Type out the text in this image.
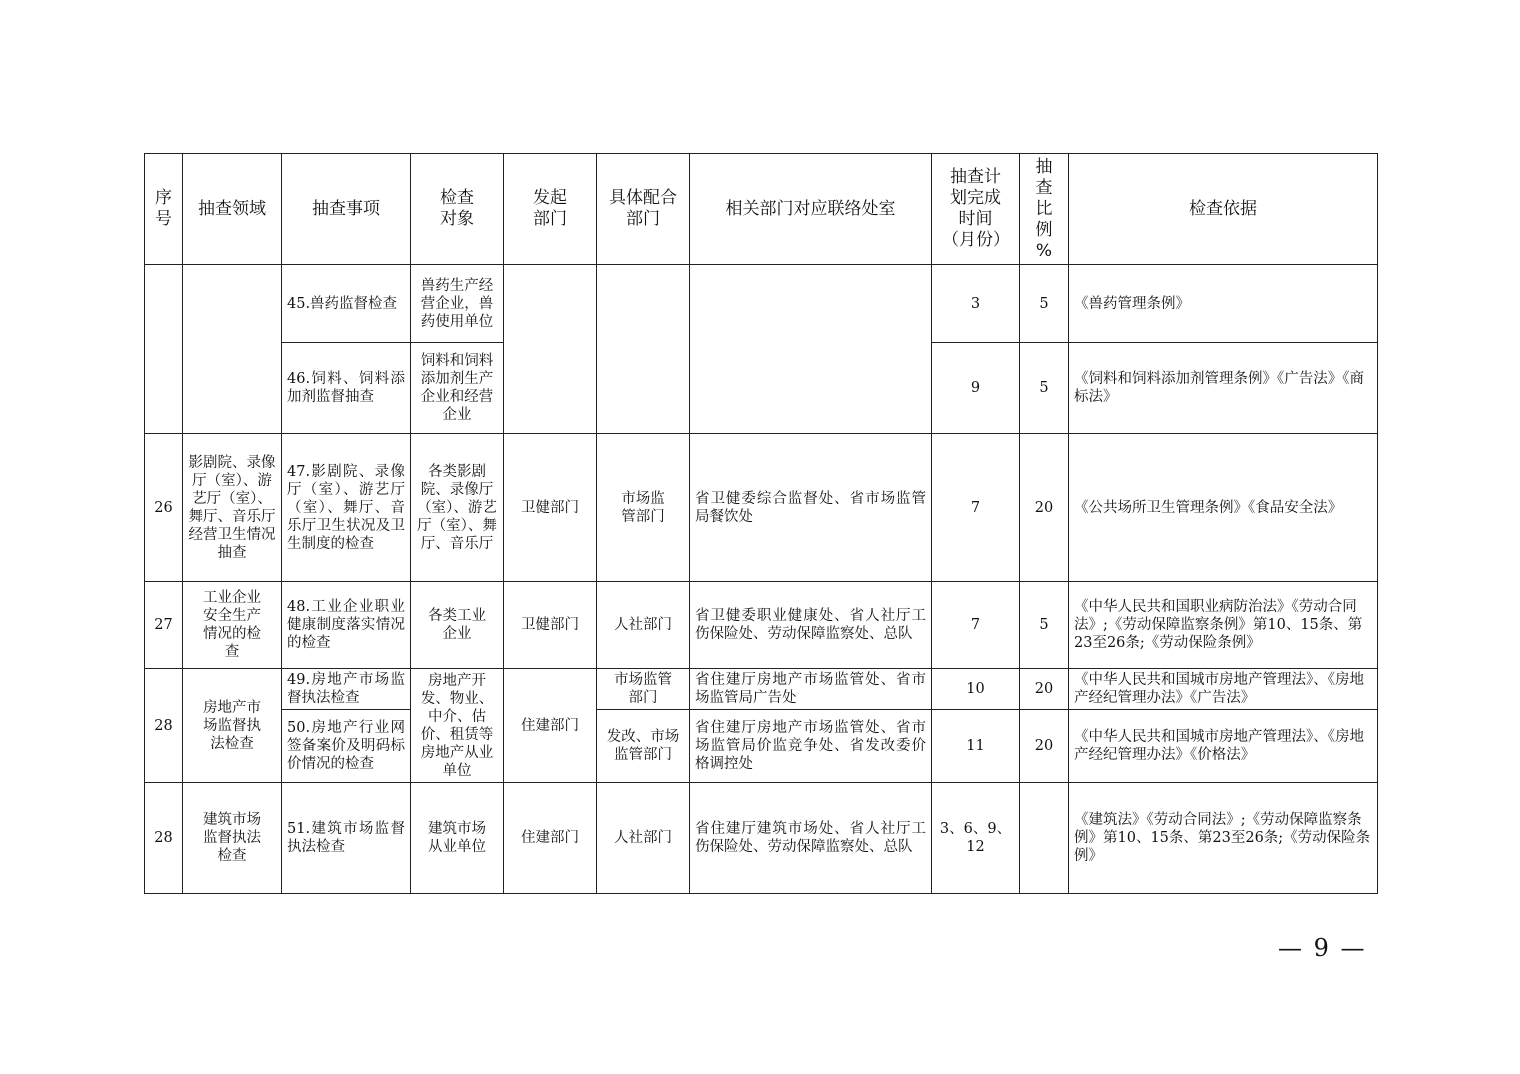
序号	抽查领域	抽查事项	检查对象	发起部门	具体配合部门	相关部门对应联络处室	抽查计划完成时间（月份）	抽查比例%	检查依据
		45.兽药监督检查	兽药生产经营企业，兽药使用单位				3	5	《兽药管理条例》
		46.饲料、饲料添加剂监督抽查	饲料和饲料添加剂生产企业和经营企业				9	5	《饲料和饲料添加剂管理条例》《广告法》《商标法》
26	影剧院、录像厅（室）、游艺厅（室）、舞厅、音乐厅经营卫生情况抽查	47.影剧院、录像厅（室）、游艺厅（室）、舞厅、音乐厅卫生状况及卫生制度的检查	各类影剧院、录像厅（室）、游艺厅（室）、舞厅、音乐厅	卫健部门	市场监管部门	省卫健委综合监督处、省市场监管局餐饮处	7	20	《公共场所卫生管理条例》《食品安全法》
27	工业企业安全生产情况的检查	48.工业企业职业健康制度落实情况的检查	各类工业企业	卫健部门	人社部门	省卫健委职业健康处、省人社厅工伤保险处、劳动保障监察处、总队	7	5	《中华人民共和国职业病防治法》《劳动合同法》;《劳动保障监察条例》第10、15条、第23至26条;《劳动保险条例》
28	房地产市场监督执法检查	49.房地产市场监督执法检查	房地产开发、物业、中介、估价、租赁等房地产从业单位	住建部门	市场监管部门	省住建厅房地产市场监管处、省市场监管局广告处	10	20	《中华人民共和国城市房地产管理法》、《房地产经纪管理办法》《广告法》
		50.房地产行业网签备案价及明码标价情况的检查			发改、市场监管部门	省住建厅房地产市场监管处、省市场监管局价监竞争处、省发改委价格调控处	11	20	《中华人民共和国城市房地产管理法》、《房地产经纪管理办法》《价格法》
28	建筑市场监督执法检查	51.建筑市场监督执法检查	建筑市场从业单位	住建部门	人社部门	省住建厅建筑市场处、省人社厅工伤保险处、劳动保障监察处、总队	3、6、9、12		《建筑法》《劳动合同法》;《劳动保障监察条例》第10、15条、第23至26条;《劳动保险条例》
— 9 —
